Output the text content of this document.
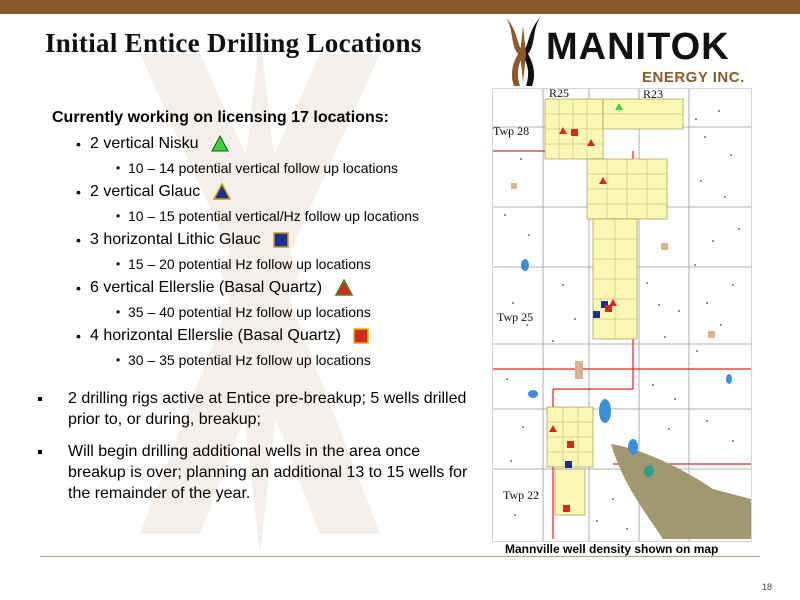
Initial Entice Drilling Locations	MANITOK
ENERGY INC.
Currently working on licensing 17 locations:
• 2 vertical Nisku
• 10 – 14 potential vertical follow up locations
• 2 vertical Glauc
• 10 – 15 potential vertical/Hz follow up locations
• 3 horizontal Lithic Glauc
• 15 – 20 potential Hz follow up locations
• 6 vertical Ellerslie (Basal Quartz)
• 35 – 40 potential Hz follow up locations
• 4 horizontal Ellerslie (Basal Quartz)
• 30 – 35 potential Hz follow up locations
2 drilling rigs active at Entice pre-breakup; 5 wells drilled prior to, or during, breakup;
Will begin drilling additional wells in the area once breakup is over; planning an additional 13 to 15 wells for the remainder of the year.
R25	R23
Twp 28
Twp 25
Twp 22
Mannville well density shown on map
18
